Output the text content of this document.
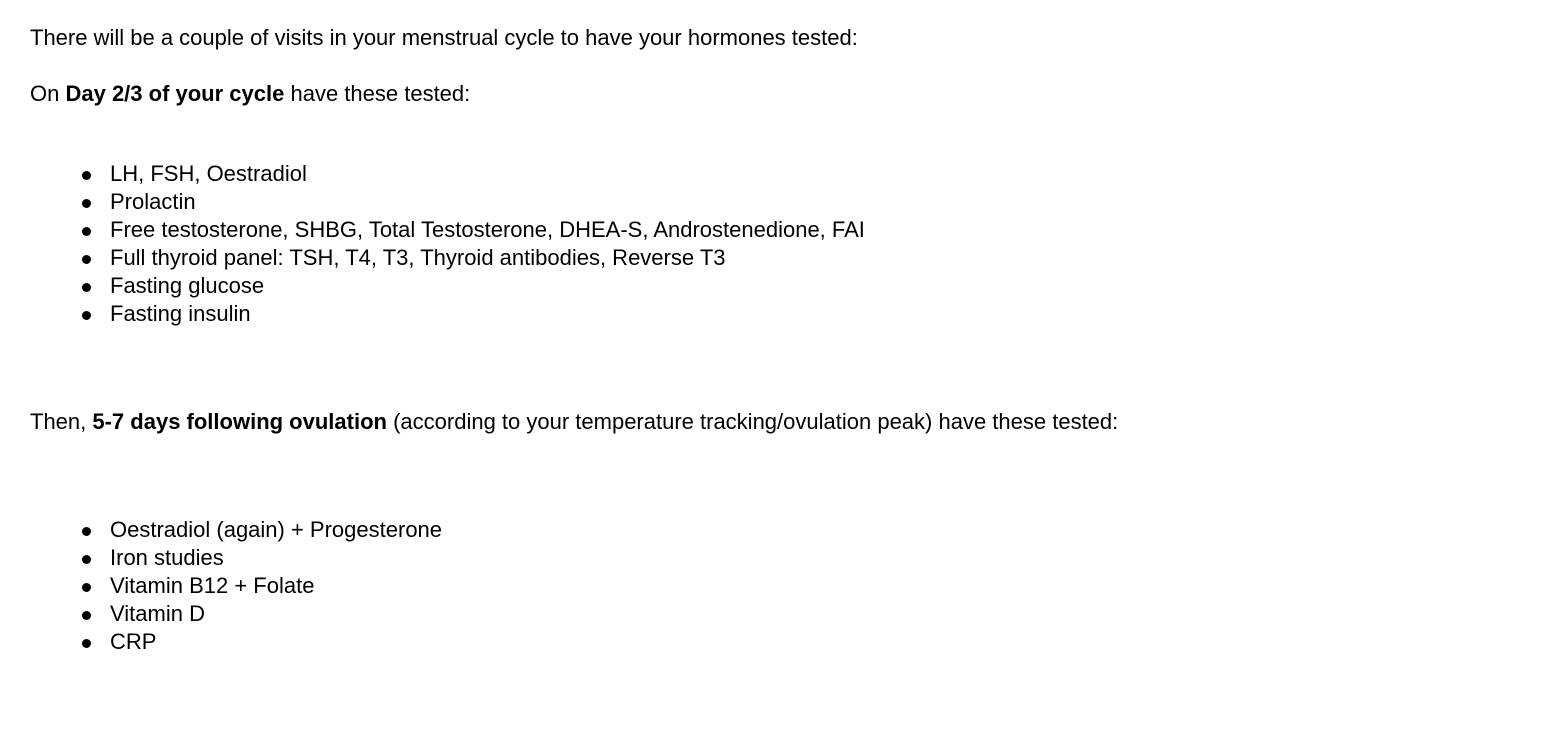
There will be a couple of visits in your menstrual cycle to have your hormones tested:
On Day 2/3 of your cycle have these tested:
LH, FSH, Oestradiol
Prolactin
Free testosterone, SHBG, Total Testosterone, DHEA-S, Androstenedione, FAI
Full thyroid panel: TSH, T4, T3, Thyroid antibodies, Reverse T3
Fasting glucose
Fasting insulin
Then, 5-7 days following ovulation (according to your temperature tracking/ovulation peak) have these tested:
Oestradiol (again) + Progesterone
Iron studies
Vitamin B12 + Folate
Vitamin D
CRP
